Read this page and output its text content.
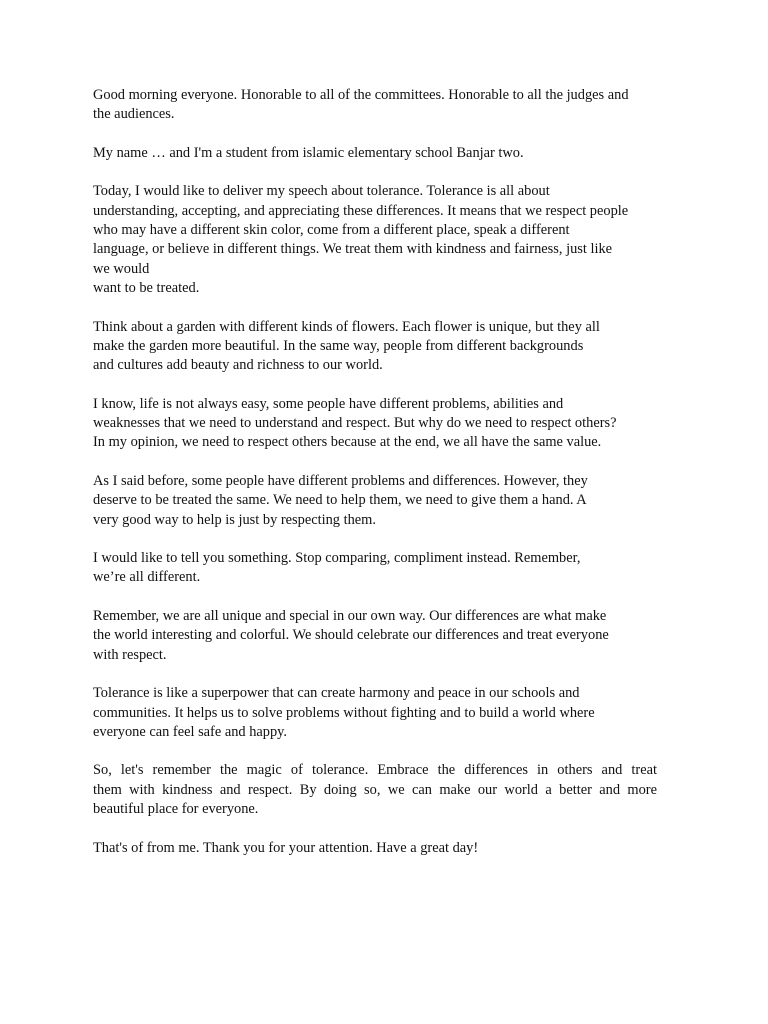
Good morning everyone. Honorable to all of the committees. Honorable to all the judges and
the audiences.

My name … and I'm a student from islamic elementary school Banjar two.

Today, I would like to deliver my speech about tolerance. Tolerance is all about
understanding, accepting, and appreciating these differences. It means that we respect people
who may have a different skin color, come from a different place, speak a different
language, or believe in different things. We treat them with kindness and fairness, just like
we would
want to be treated.

Think about a garden with different kinds of flowers. Each flower is unique, but they all
make the garden more beautiful. In the same way, people from different backgrounds
and cultures add beauty and richness to our world.

I know, life is not always easy, some people have different problems, abilities and
weaknesses that we need to understand and respect. But why do we need to respect others?
In my opinion, we need to respect others because at the end, we all have the same value.

As I said before, some people have different problems and differences. However, they
deserve to be treated the same. We need to help them, we need to give them a hand. A
very good way to help is just by respecting them.

I would like to tell you something. Stop comparing, compliment instead. Remember,
we’re all different.

Remember, we are all unique and special in our own way. Our differences are what make
the world interesting and colorful. We should celebrate our differences and treat everyone
with respect.

Tolerance is like a superpower that can create harmony and peace in our schools and
communities. It helps us to solve problems without fighting and to build a world where
everyone can feel safe and happy.

So, let's remember the magic of tolerance. Embrace the differences in others and treat
them with kindness and respect. By doing so, we can make our world a better and more
beautiful place for everyone.

That's of from me. Thank you for your attention. Have a great day!
